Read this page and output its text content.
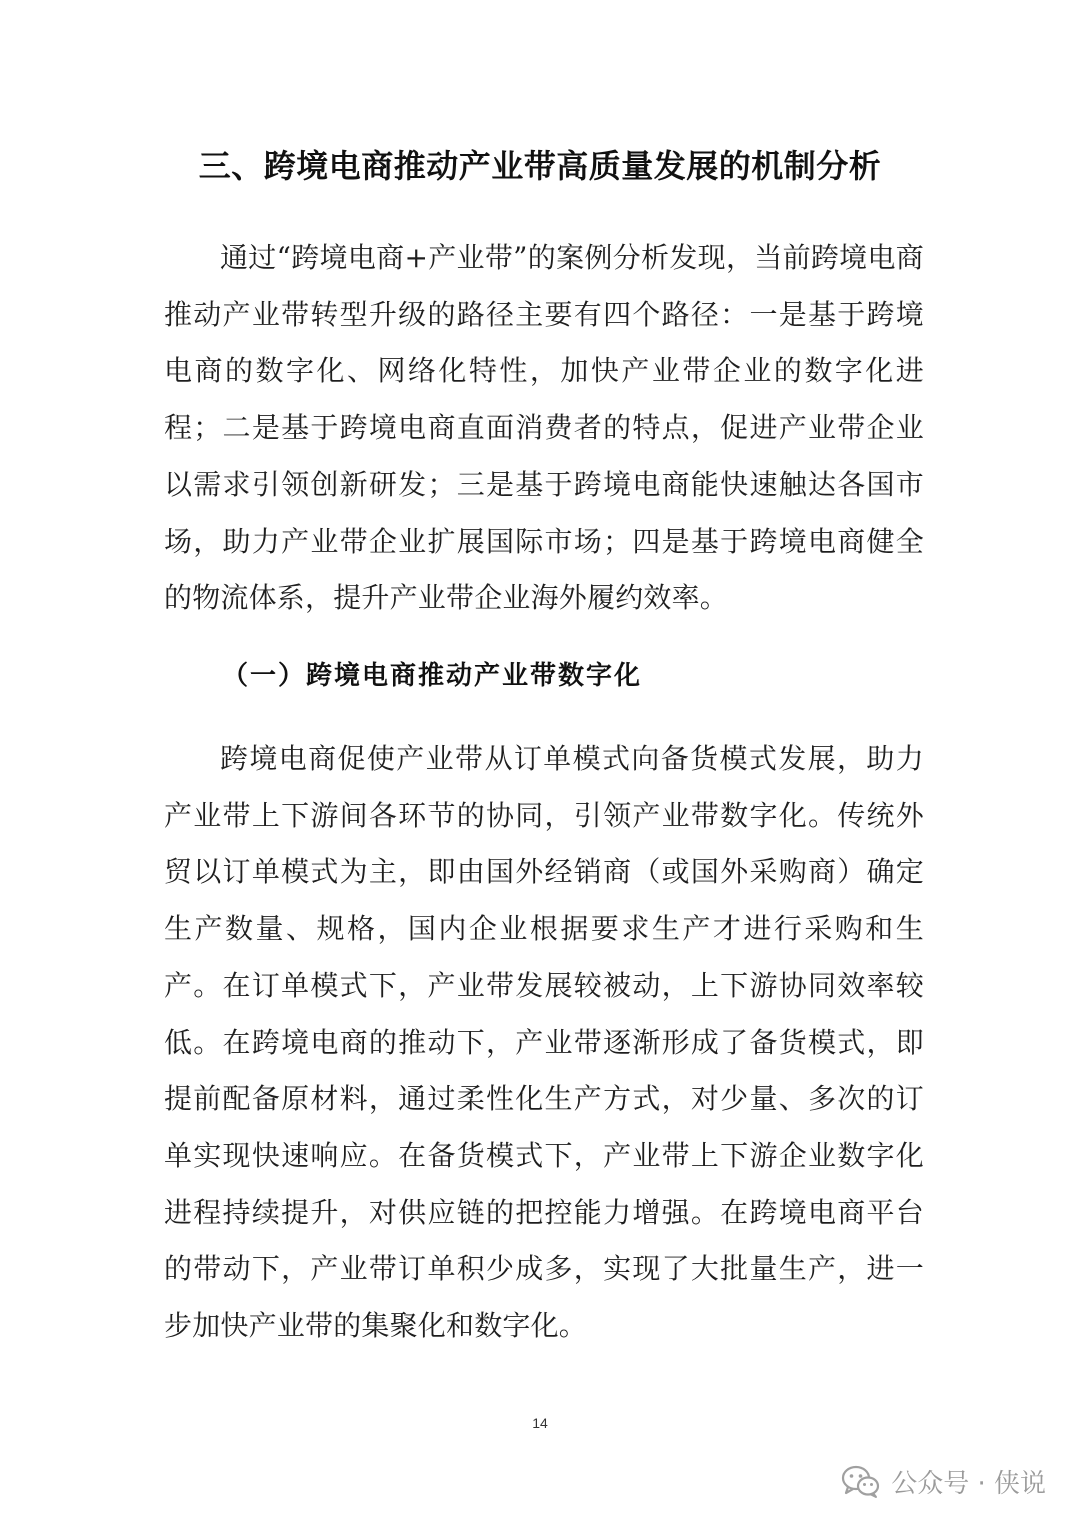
三、跨境电商推动产业带高质量发展的机制分析

通过“跨境电商+产业带”的案例分析发现，当前跨境电商推动产业带转型升级的路径主要有四个路径：一是基于跨境电商的数字化、网络化特性，加快产业带企业的数字化进程；二是基于跨境电商直面消费者的特点，促进产业带企业以需求引领创新研发；三是基于跨境电商能快速触达各国市场，助力产业带企业扩展国际市场；四是基于跨境电商健全的物流体系，提升产业带企业海外履约效率。

（一）跨境电商推动产业带数字化

跨境电商促使产业带从订单模式向备货模式发展，助力产业带上下游间各环节的协同，引领产业带数字化。传统外贸以订单模式为主，即由国外经销商（或国外采购商）确定生产数量、规格，国内企业根据要求生产才进行采购和生产。在订单模式下，产业带发展较被动，上下游协同效率较低。在跨境电商的推动下，产业带逐渐形成了备货模式，即提前配备原材料，通过柔性化生产方式，对少量、多次的订单实现快速响应。在备货模式下，产业带上下游企业数字化进程持续提升，对供应链的把控能力增强。在跨境电商平台的带动下，产业带订单积少成多，实现了大批量生产，进一步加快产业带的集聚化和数字化。

14
公众号 · 侠说
